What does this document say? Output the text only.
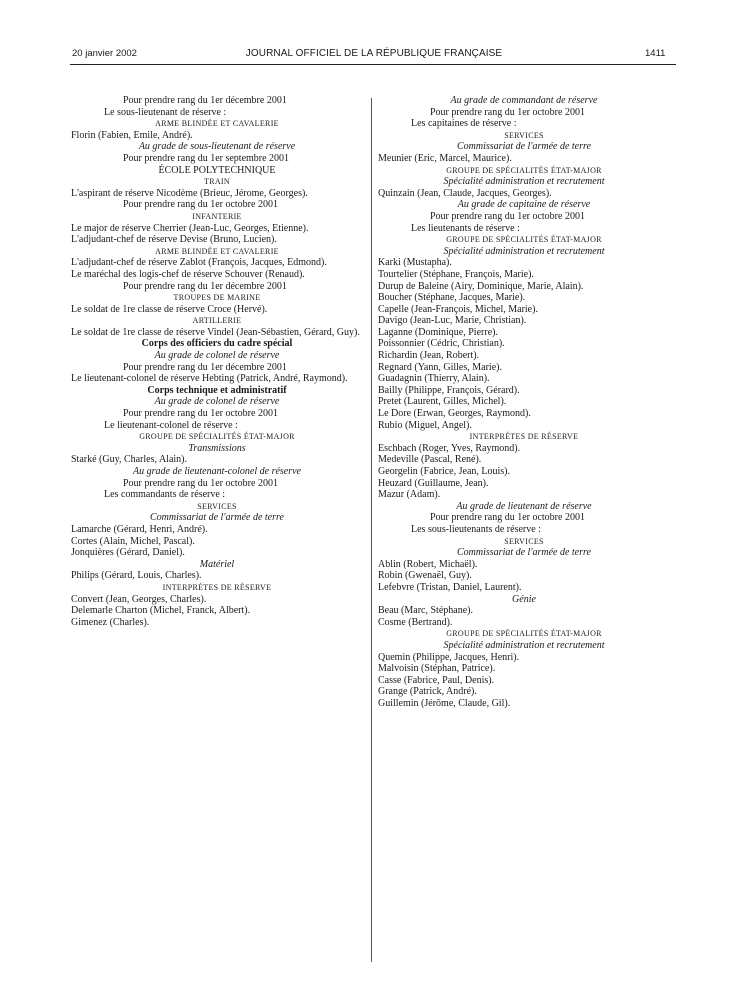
20 janvier 2002	JOURNAL OFFICIEL DE LA RÉPUBLIQUE FRANÇAISE	1411
Pour prendre rang du 1er décembre 2001
Le sous-lieutenant de réserve :
ARME BLINDÉE ET CAVALERIE
Florin (Fabien, Emile, André).
Au grade de sous-lieutenant de réserve
Pour prendre rang du 1er septembre 2001
ÉCOLE POLYTECHNIQUE
TRAIN
L'aspirant de réserve Nicodème (Brieuc, Jérome, Georges).
Pour prendre rang du 1er octobre 2001
INFANTERIE
Le major de réserve Cherrier (Jean-Luc, Georges, Etienne).
L'adjudant-chef de réserve Devise (Bruno, Lucien).
ARME BLINDÉE ET CAVALERIE
L'adjudant-chef de réserve Zablot (François, Jacques, Edmond).
Le maréchal des logis-chef de réserve Schouver (Renaud).
Pour prendre rang du 1er décembre 2001
TROUPES DE MARINE
Le soldat de 1re classe de réserve Croce (Hervé).
ARTILLERIE
Le soldat de 1re classe de réserve Vindel (Jean-Sébastien, Gérard, Guy).
Corps des officiers du cadre spécial
Au grade de colonel de réserve
Pour prendre rang du 1er décembre 2001
Le lieutenant-colonel de réserve Hebting (Patrick, André, Raymond).
Corps technique et administratif
Au grade de colonel de réserve
Pour prendre rang du 1er octobre 2001
Le lieutenant-colonel de réserve :
GROUPE DE SPÉCIALITÉS ÉTAT-MAJOR
Transmissions
Starké (Guy, Charles, Alain).
Au grade de lieutenant-colonel de réserve
Pour prendre rang du 1er octobre 2001
Les commandants de réserve :
SERVICES
Commissariat de l'armée de terre
Lamarche (Gérard, Henri, André).
Cortes (Alain, Michel, Pascal).
Jonquières (Gérard, Daniel).
Matériel
Philips (Gérard, Louis, Charles).
INTERPRÈTES DE RÉSERVE
Convert (Jean, Georges, Charles).
Delemarle Charton (Michel, Franck, Albert).
Gimenez (Charles).
Au grade de commandant de réserve
Pour prendre rang du 1er octobre 2001
Les capitaines de réserve :
SERVICES
Commissariat de l'armée de terre
Meunier (Eric, Marcel, Maurice).
GROUPE DE SPÉCIALITÉS ÉTAT-MAJOR
Spécialité administration et recrutement
Quinzain (Jean, Claude, Jacques, Georges).
Au grade de capitaine de réserve
Pour prendre rang du 1er octobre 2001
Les lieutenants de réserve :
GROUPE DE SPÉCIALITÉS ÉTAT-MAJOR
Spécialité administration et recrutement
Karki (Mustapha).
Tourtelier (Stéphane, François, Marie).
Durup de Baleine (Airy, Dominique, Marie, Alain).
Boucher (Stéphane, Jacques, Marie).
Capelle (Jean-François, Michel, Marie).
Davigo (Jean-Luc, Marie, Christian).
Laganne (Dominique, Pierre).
Poissonnier (Cédric, Christian).
Richardin (Jean, Robert).
Regnard (Yann, Gilles, Marie).
Guadagnin (Thierry, Alain).
Bailly (Philippe, François, Gérard).
Pretet (Laurent, Gilles, Michel).
Le Dore (Erwan, Georges, Raymond).
Rubio (Miguel, Angel).
INTERPRÈTES DE RÉSERVE
Eschbach (Roger, Yves, Raymond).
Medeville (Pascal, René).
Georgelin (Fabrice, Jean, Louis).
Heuzard (Guillaume, Jean).
Mazur (Adam).
Au grade de lieutenant de réserve
Pour prendre rang du 1er octobre 2001
Les sous-lieutenants de réserve :
SERVICES
Commissariat de l'armée de terre
Ablin (Robert, Michaël).
Robin (Gwenaël, Guy).
Lefebvre (Tristan, Daniel, Laurent).
Génie
Beau (Marc, Stéphane).
Cosme (Bertrand).
GROUPE DE SPÉCIALITÉS ÉTAT-MAJOR
Spécialité administration et recrutement
Quemin (Philippe, Jacques, Henri).
Malvoisin (Stéphan, Patrice).
Casse (Fabrice, Paul, Denis).
Grange (Patrick, André).
Guillemin (Jérôme, Claude, Gil).
